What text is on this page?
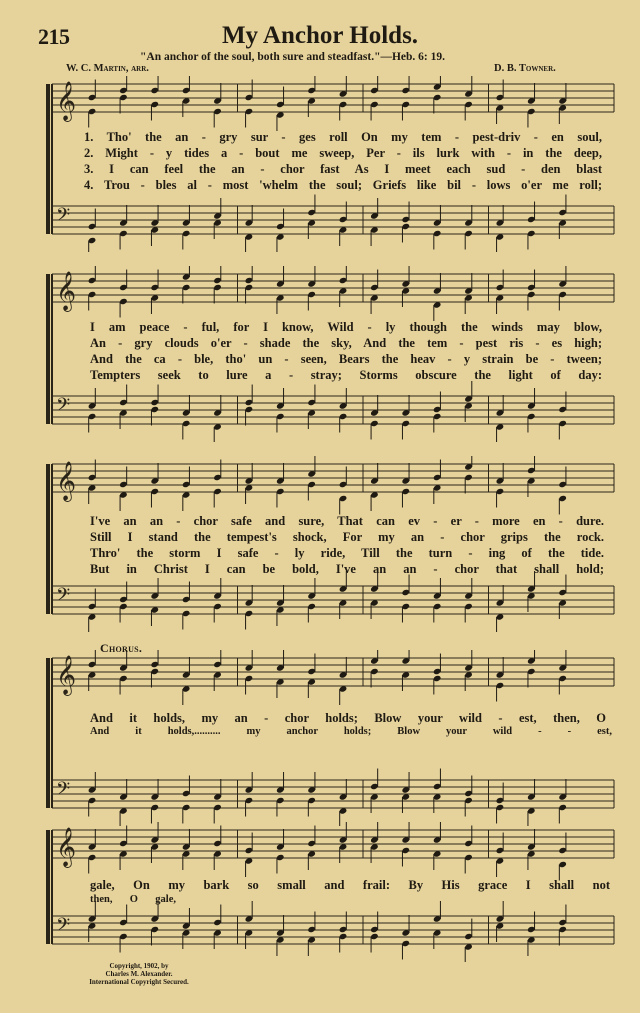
215	My Anchor Holds.
"An anchor of the soul, both sure and steadfast."—Heb. 6: 19.
W. C. Martin, arr.	D. B. Towner.
𝄞
𝄢
1. Tho' the an - gry sur - ges roll On my tem - pest-driv - en soul,
2. Might - y tides a - bout me sweep, Per - ils lurk with - in the deep,
3. I can feel the an - chor fast As I meet each sud - den blast
4. Trou - bles al - most 'whelm the soul; Griefs like bil - lows o'er me roll;
𝄞
𝄢
I am peace - ful, for I know, Wild - ly though the winds may blow,
An - gry clouds o'er - shade the sky, And the tem - pest ris - es high;
And the ca - ble, tho' un - seen, Bears the heav - y strain be - tween;
Tempters seek to lure a - stray; Storms obscure the light of day:
𝄞
𝄢
I've an an - chor safe and sure, That can ev - er - more en - dure.
Still I stand the tempest's shock, For my an - chor grips the rock.
Thro' the storm I safe - ly ride, Till the turn - ing of the tide.
But in Christ I can be bold, I've an an - chor that shall hold;
Chorus.
𝄞
𝄢
And it holds, my an - chor holds; Blow your wild - est, then, O
And it holds,.......... my anchor holds; Blow your wild - - est,
𝄞
𝄢
gale, On my bark so small and frail: By His grace I shall not
then, O gale,
Copyright, 1902, by
Charles M. Alexander.
International Copyright Secured.
